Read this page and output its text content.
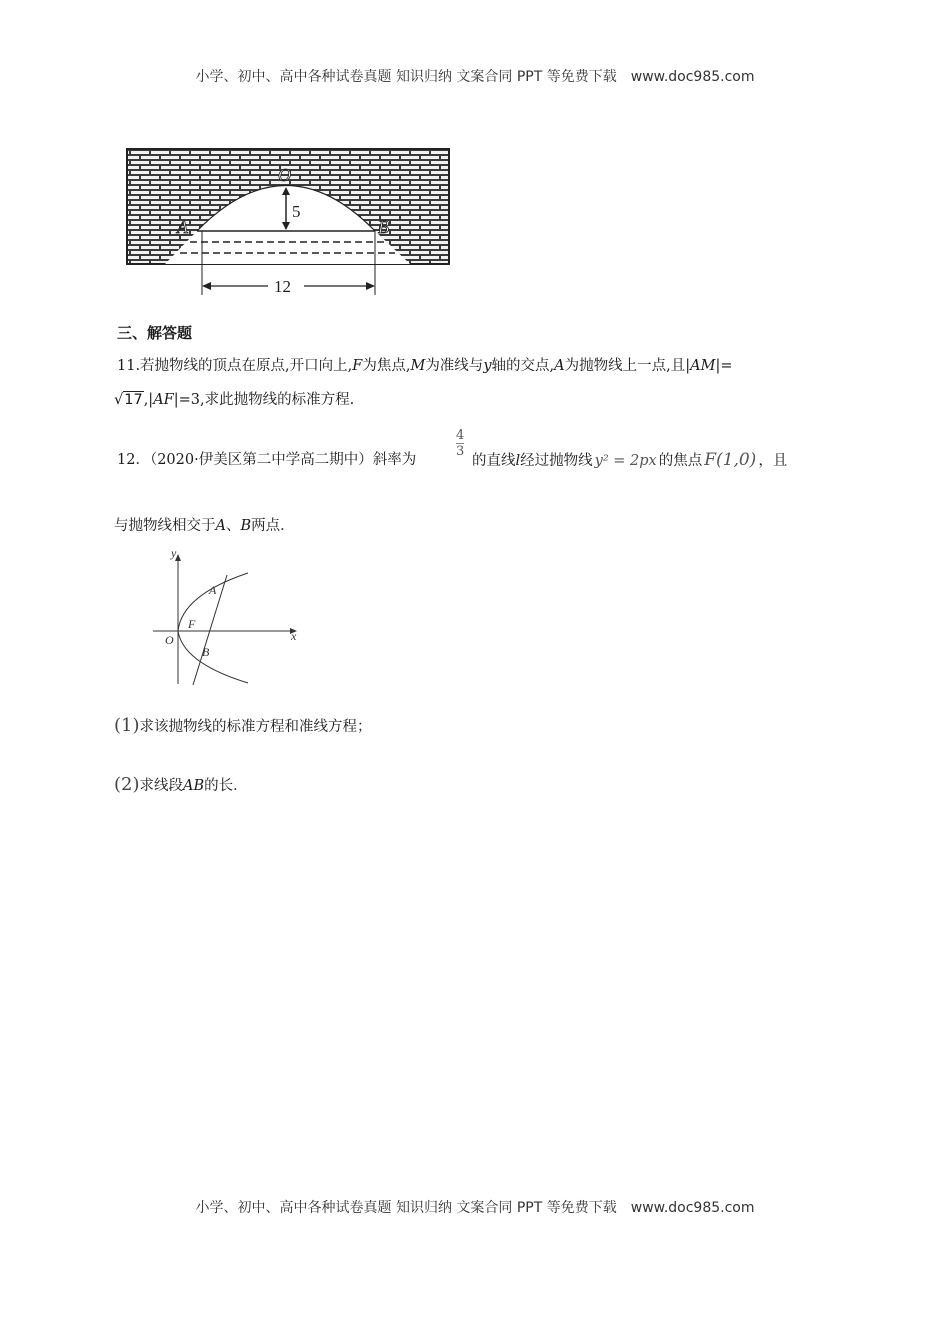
小学、初中、高中各种试卷真题 知识归纳 文案合同 PPT 等免费下载 www.doc985.com
O
A	B
5
12
三、解答题
11.若抛物线的顶点在原点,开口向上,F为焦点,M为准线与y轴的交点,A为抛物线上一点,且|AM|=
√17,|AF|=3,求此抛物线的标准方程.
12．（2020·伊美区第二中学高二期中）斜率为
$\frac{4}{3}$
的直线l经过抛物线 y² = 2px 的焦点 F(1,0) ，且
与抛物线相交于A、B两点．
y
x
O
F
A
B
(1)求该抛物线的标准方程和准线方程；
(2)求线段AB的长．
小学、初中、高中各种试卷真题 知识归纳 文案合同 PPT 等免费下载 www.doc985.com
